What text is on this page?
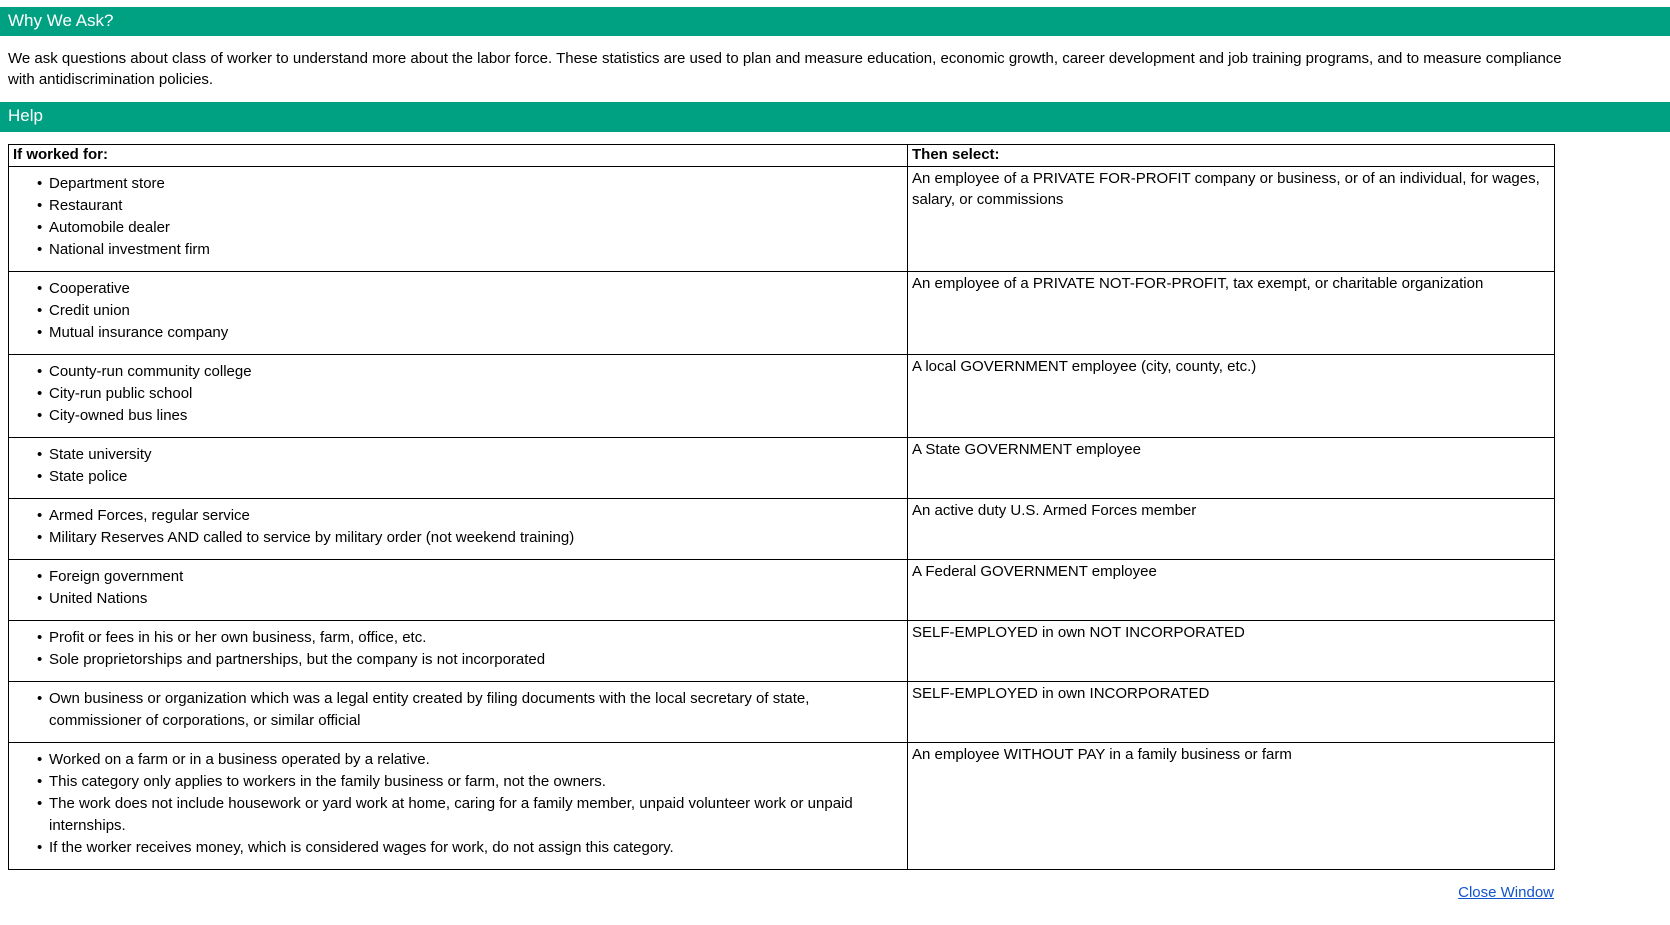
Why We Ask?
We ask questions about class of worker to understand more about the labor force. These statistics are used to plan and measure education, economic growth, career development and job training programs, and to measure compliance with antidiscrimination policies.
Help
If worked for:	Then select:

• Department store
• Restaurant
• Automobile dealer
• National investment firm
	An employee of a PRIVATE FOR-PROFIT company or business, or of an individual, for wages, salary, or commissions

• Cooperative
• Credit union
• Mutual insurance company
	An employee of a PRIVATE NOT-FOR-PROFIT, tax exempt, or charitable organization

• County-run community college
• City-run public school
• City-owned bus lines
	A local GOVERNMENT employee (city, county, etc.)

• State university
• State police
	A State GOVERNMENT employee

• Armed Forces, regular service
• Military Reserves AND called to service by military order (not weekend training)
	An active duty U.S. Armed Forces member

• Foreign government
• United Nations
	A Federal GOVERNMENT employee

• Profit or fees in his or her own business, farm, office, etc.
• Sole proprietorships and partnerships, but the company is not incorporated
	SELF-EMPLOYED in own NOT INCORPORATED

• Own business or organization which was a legal entity created by filing documents with the local secretary of state, commissioner of corporations, or similar official
	SELF-EMPLOYED in own INCORPORATED

• Worked on a farm or in a business operated by a relative.
• This category only applies to workers in the family business or farm, not the owners.
• The work does not include housework or yard work at home, caring for a family member, unpaid volunteer work or unpaid internships.
• If the worker receives money, which is considered wages for work, do not assign this category.
	An employee WITHOUT PAY in a family business or farm
Close Window
